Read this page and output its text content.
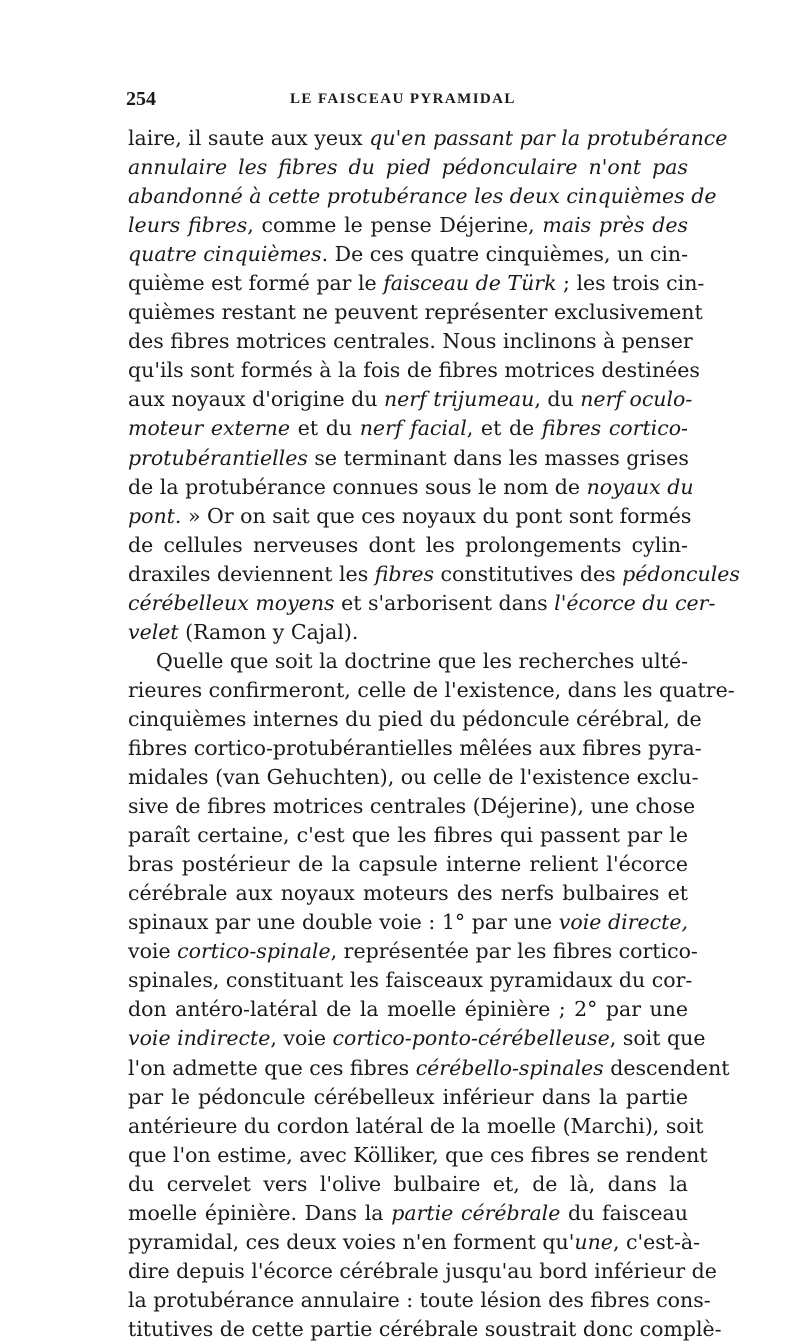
254	LE FAISCEAU PYRAMIDAL
laire, il saute aux yeux qu'en passant par la protubérance
annulaire les fibres du pied pédonculaire n'ont pas
abandonné à cette protubérance les deux cinquièmes de
leurs fibres, comme le pense Déjerine, mais près des
quatre cinquièmes. De ces quatre cinquièmes, un cin-
quième est formé par le faisceau de Türk ; les trois cin-
quièmes restant ne peuvent représenter exclusivement
des fibres motrices centrales. Nous inclinons à penser
qu'ils sont formés à la fois de fibres motrices destinées
aux noyaux d'origine du nerf trijumeau, du nerf oculo-
moteur externe et du nerf facial, et de fibres cortico-
protubérantielles se terminant dans les masses grises
de la protubérance connues sous le nom de noyaux du
pont. » Or on sait que ces noyaux du pont sont formés
de cellules nerveuses dont les prolongements cylin-
draxiles deviennent les fibres constitutives des pédoncules
cérébelleux moyens et s'arborisent dans l'écorce du cer-
velet (Ramon y Cajal).
Quelle que soit la doctrine que les recherches ulté-
rieures confirmeront, celle de l'existence, dans les quatre-
cinquièmes internes du pied du pédoncule cérébral, de
fibres cortico-protubérantielles mêlées aux fibres pyra-
midales (van Gehuchten), ou celle de l'existence exclu-
sive de fibres motrices centrales (Déjerine), une chose
paraît certaine, c'est que les fibres qui passent par le
bras postérieur de la capsule interne relient l'écorce
cérébrale aux noyaux moteurs des nerfs bulbaires et
spinaux par une double voie : 1° par une voie directe,
voie cortico-spinale, représentée par les fibres cortico-
spinales, constituant les faisceaux pyramidaux du cor-
don antéro-latéral de la moelle épinière ; 2° par une
voie indirecte, voie cortico-ponto-cérébelleuse, soit que
l'on admette que ces fibres cérébello-spinales descendent
par le pédoncule cérébelleux inférieur dans la partie
antérieure du cordon latéral de la moelle (Marchi), soit
que l'on estime, avec Kölliker, que ces fibres se rendent
du cervelet vers l'olive bulbaire et, de là, dans la
moelle épinière. Dans la partie cérébrale du faisceau
pyramidal, ces deux voies n'en forment qu'une, c'est-à-
dire depuis l'écorce cérébrale jusqu'au bord inférieur de
la protubérance annulaire : toute lésion des fibres cons-
titutives de cette partie cérébrale soustrait donc complè-
